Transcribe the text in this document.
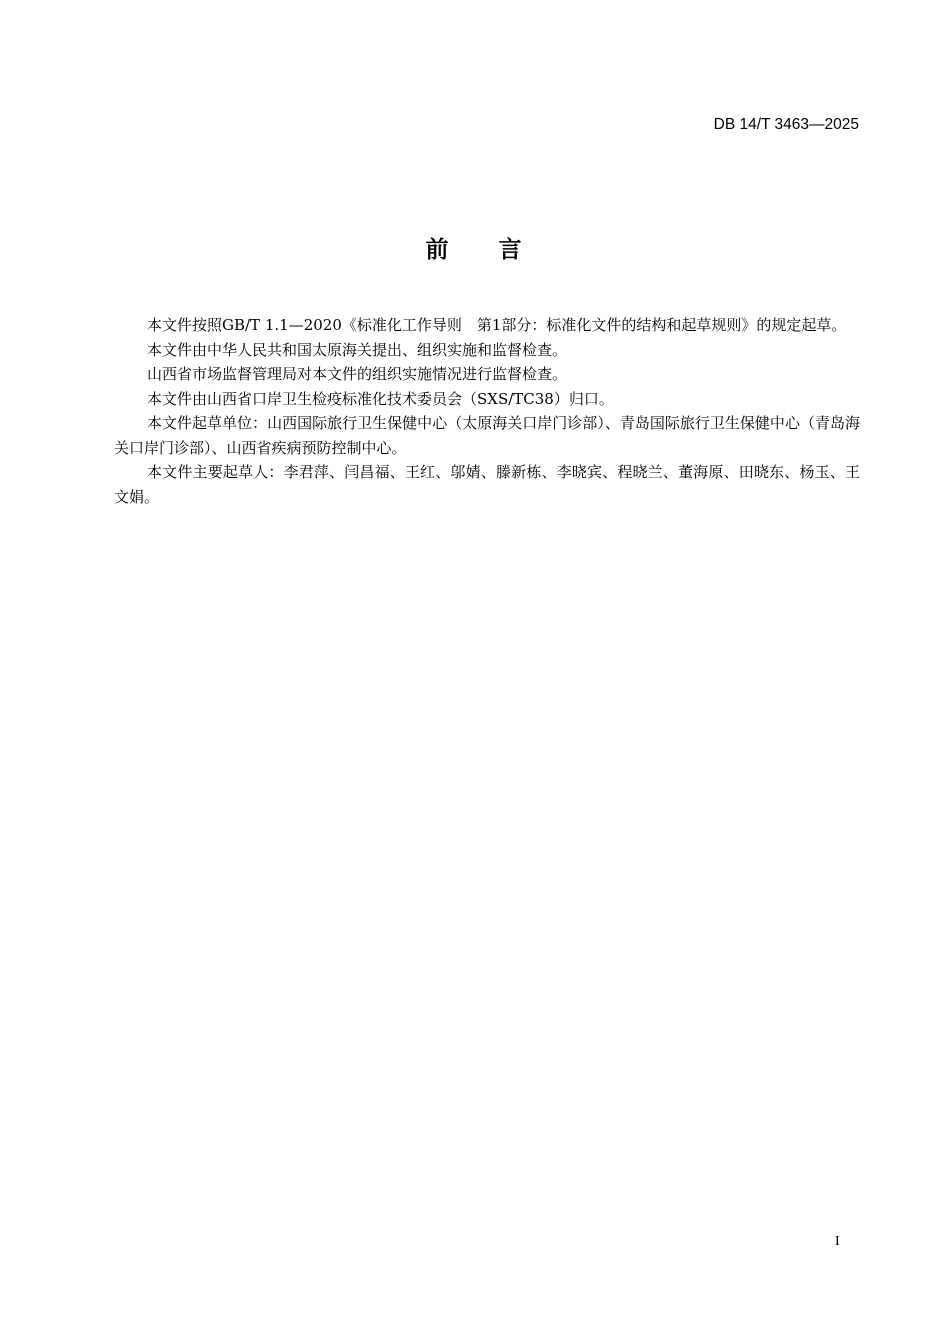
DB 14/T 3463—2025
前言

本文件按照GB/T 1.1—2020《标准化工作导则　第1部分：标准化文件的结构和起草规则》的规定起草。

本文件由中华人民共和国太原海关提出、组织实施和监督检查。

山西省市场监督管理局对本文件的组织实施情况进行监督检查。

本文件由山西省口岸卫生检疫标准化技术委员会（SXS/TC38）归口。

本文件起草单位：山西国际旅行卫生保健中心（太原海关口岸门诊部）、青岛国际旅行卫生保健中心（青岛海关口岸门诊部）、山西省疾病预防控制中心。

本文件主要起草人：李君萍、闫昌福、王红、邬婧、滕新栋、李晓宾、程晓兰、董海原、田晓东、杨玉、王文娟。

I
